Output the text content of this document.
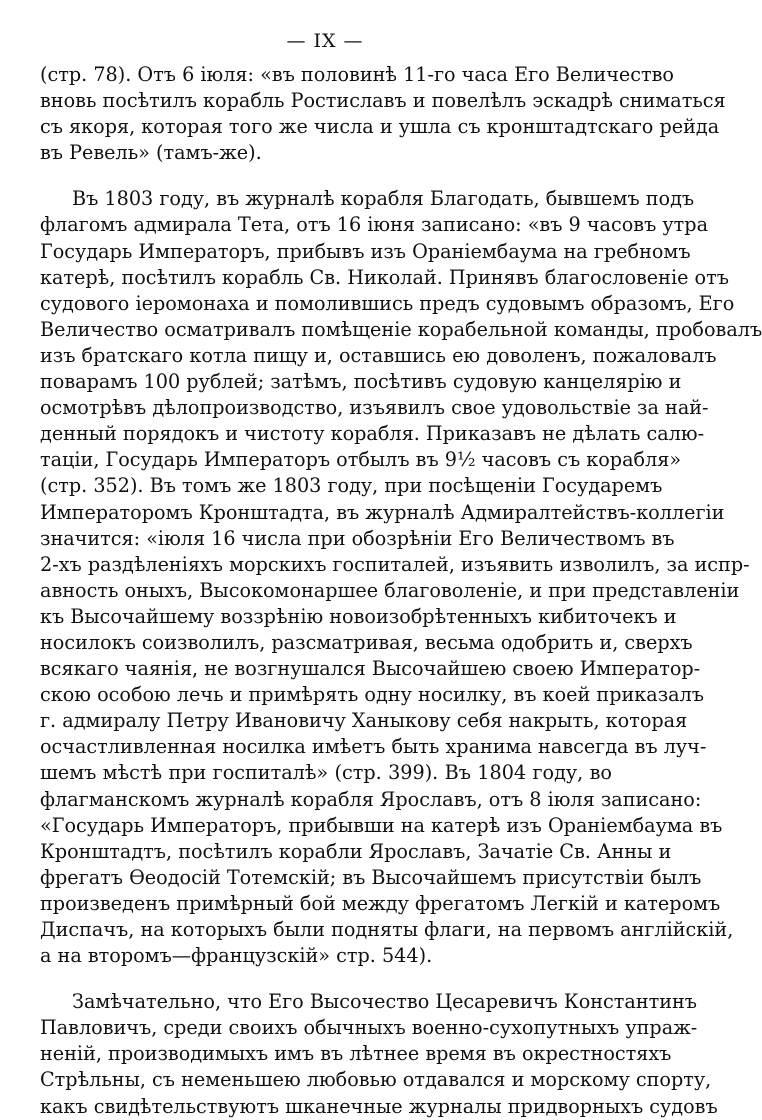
— IX —
(стр. 78). Отъ 6 іюля: «въ половинѣ 11-го часа Его Величество
вновь посѣтилъ корабль Ростиславъ и повелѣлъ эскадрѣ сниматься
съ якоря, которая того же числа и ушла съ кронштадтскаго рейда
въ Ревель» (тамъ-же).
Въ 1803 году, въ журналѣ корабля Благодать, бывшемъ подъ
флагомъ адмирала Тета, отъ 16 іюня записано: «въ 9 часовъ утра
Государь Императоръ, прибывъ изъ Ораніембаума на гребномъ
катерѣ, посѣтилъ корабль Св. Николай. Принявъ благословеніе отъ
судового іеромонаха и помолившись предъ судовымъ образомъ, Его
Величество осматривалъ помѣщеніе корабельной команды, пробовалъ
изъ братскаго котла пищу и, оставшись ею доволенъ, пожаловалъ
поварамъ 100 рублей; затѣмъ, посѣтивъ судовую канцелярію и
осмотрѣвъ дѣлопроизводство, изъявилъ свое удовольствіе за най-
денный порядокъ и чистоту корабля. Приказавъ не дѣлать салю-
таціи, Государь Императоръ отбылъ въ 9½ часовъ съ корабля»
(стр. 352). Въ томъ же 1803 году, при посѣщеніи Государемъ
Императоромъ Кронштадта, въ журналѣ Адмиралтействъ-коллегіи
значится: «іюля 16 числа при обозрѣніи Его Величествомъ въ
2-хъ раздѣленіяхъ морскихъ госпиталей, изъявить изволилъ, за испр-
авность оныхъ, Высокомонаршее благоволеніе, и при представленіи
къ Высочайшему воззрѣнію новоизобрѣтенныхъ кибиточекъ и
носилокъ соизволилъ, разсматривая, весьма одобрить и, сверхъ
всякаго чаянія, не возгнушался Высочайшею своею Император-
скою особою лечь и примѣрять одну носилку, въ коей приказалъ
г. адмиралу Петру Ивановичу Ханыкову себя накрыть, которая
осчастливленная носилка имѣетъ быть хранима навсегда въ луч-
шемъ мѣстѣ при госпиталѣ» (стр. 399). Въ 1804 году, во
флагманскомъ журналѣ корабля Ярославъ, отъ 8 іюля записано:
«Государь Императоръ, прибывши на катерѣ изъ Ораніембаума въ
Кронштадтъ, посѣтилъ корабли Ярославъ, Зачатіе Св. Анны и
фрегатъ Ѳеодосій Тотемскій; въ Высочайшемъ присутствіи былъ
произведенъ примѣрный бой между фрегатомъ Легкій и катеромъ
Диспачъ, на которыхъ были подняты флаги, на первомъ англійскій,
а на второмъ—французскій» стр. 544).
Замѣчательно, что Его Высочество Цесаревичъ Константинъ
Павловичъ, среди своихъ обычныхъ военно-сухопутныхъ упраж-
неній, производимыхъ имъ въ лѣтнее время въ окрестностяхъ
Стрѣльны, съ неменьшею любовью отдавался и морскому спорту,
какъ свидѣтельствуютъ шканечные журналы придворныхъ судовъ
